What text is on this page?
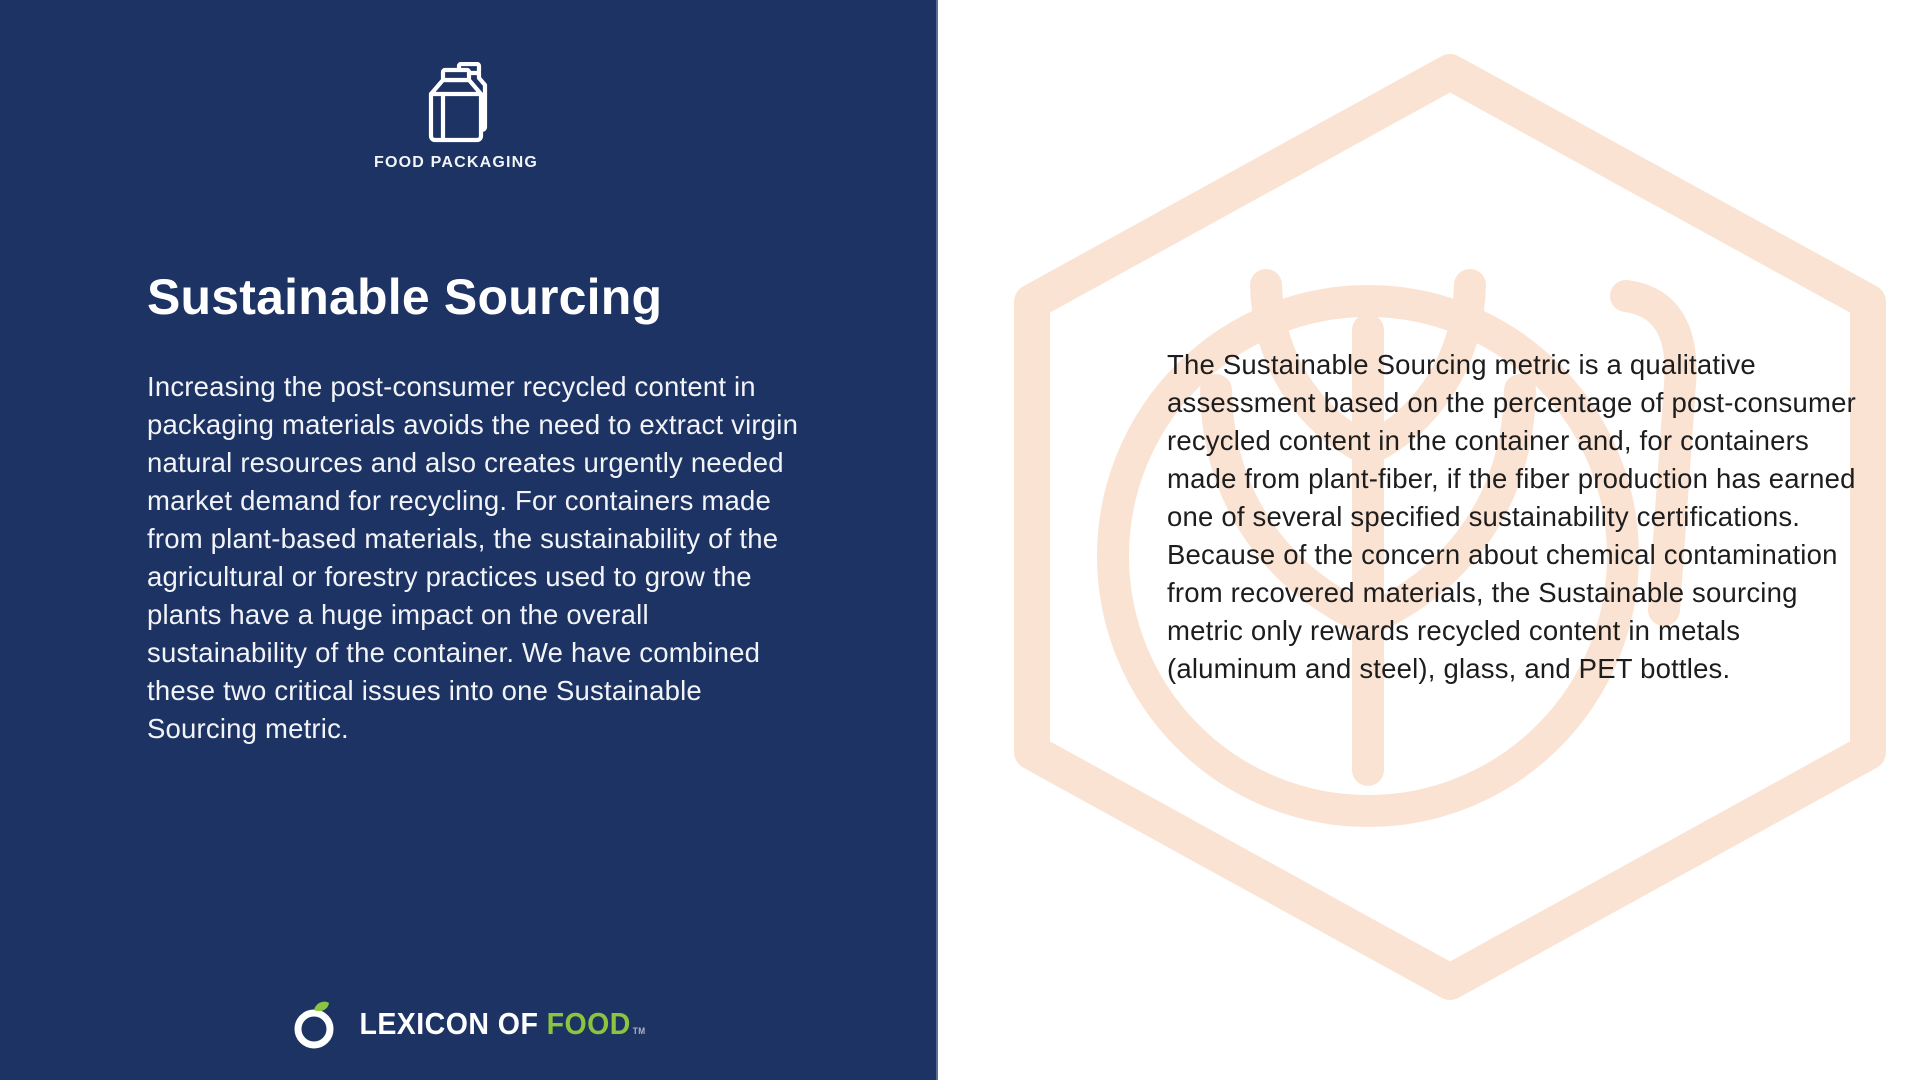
FOOD PACKAGING
Sustainable Sourcing

Increasing the post-consumer recycled content in packaging materials avoids the need to extract virgin natural resources and also creates urgently needed market demand for recycling. For containers made from plant-based materials, the sustainability of the agricultural or forestry practices used to grow the plants have a huge impact on the overall sustainability of the container. We have combined these two critical issues into one Sustainable Sourcing metric.

LEXICON OF FOOD TM

The Sustainable Sourcing metric is a qualitative assessment based on the percentage of post-consumer recycled content in the container and, for containers made from plant-fiber, if the fiber production has earned one of several specified sustainability certifications. Because of the concern about chemical contamination from recovered materials, the Sustainable sourcing metric only rewards recycled content in metals (aluminum and steel), glass, and PET bottles.
